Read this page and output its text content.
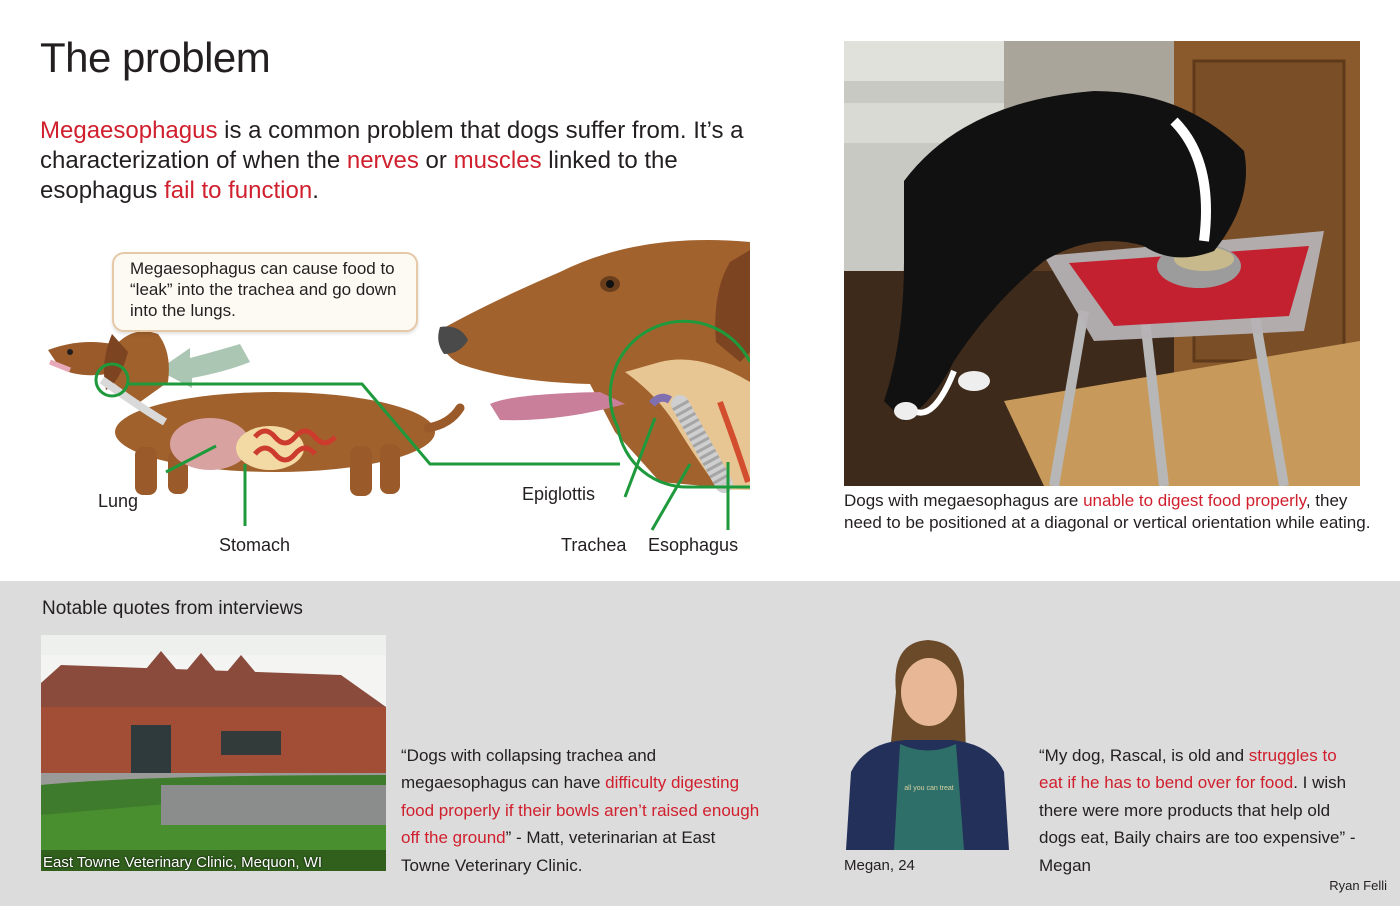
The problem

Megaesophagus is a common problem that dogs suffer from. It’s a characterization of when the nerves or muscles linked to the esophagus fail to function.

Megaesophagus can cause food to “leak” into the trachea and go down into the lungs.
Lung
Stomach
Epiglottis
Trachea Esophagus

Dogs with megaesophagus are unable to digest food properly, they need to be positioned at a diagonal or vertical orientation while eating.

Notable quotes from interviews
East Towne Veterinary Clinic, Mequon, WI

“Dogs with collapsing trachea and megaesophagus can have difficulty digesting food properly if their bowls aren’t raised enough off the ground” - Matt, veterinarian at East Towne Veterinary Clinic.

all you can treat
Megan, 24

“My dog, Rascal, is old and struggles to eat if he has to bend over for food. I wish there were more products that help old dogs eat, Baily chairs are too expensive” - Megan

Ryan Felli
